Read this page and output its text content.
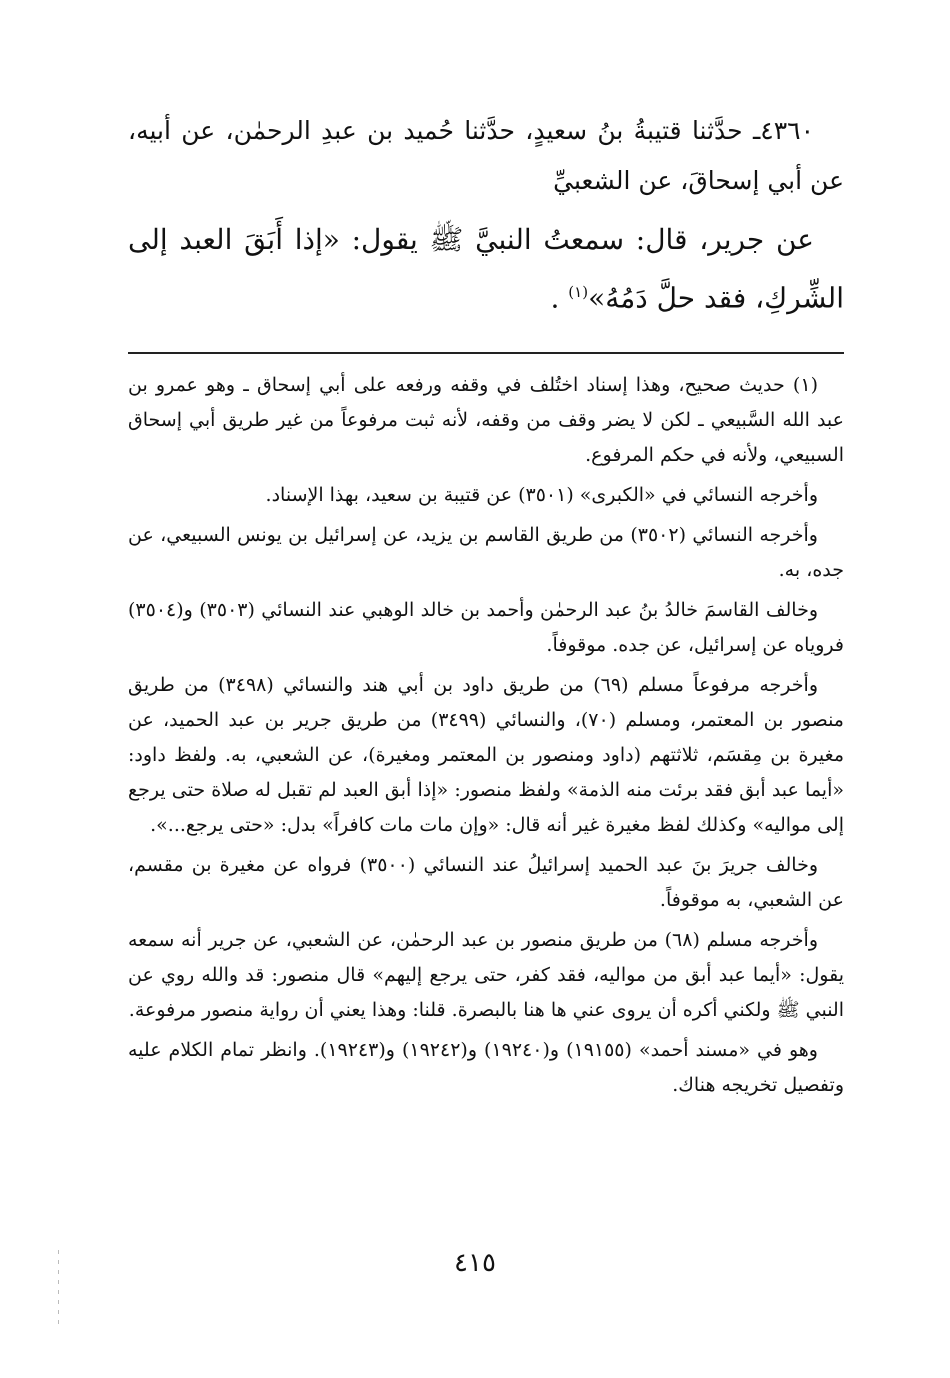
٤٣٦٠ـ حدَّثنا قتيبةُ بنُ سعيدٍ، حدَّثنا حُميد بن عبدِ الرحمٰن، عن أبيه، عن أبي إسحاقَ، عن الشعبيِّ

عن جرير، قال: سمعتُ النبيَّ ﷺ يقول: «إذا أَبَقَ العبد إلى الشِّركِ، فقد حلَّ دَمُهُ»$^{(١)}$ .

(١) حديث صحيح، وهذا إسناد اختُلف في وقفه ورفعه على أبي إسحاق ـ وهو عمرو بن عبد الله السَّبيعي ـ لكن لا يضر وقف من وقفه، لأنه ثبت مرفوعاً من غير طريق أبي إسحاق السبيعي، ولأنه في حكم المرفوع.

وأخرجه النسائي في «الكبرى» (٣٥٠١) عن قتيبة بن سعيد، بهذا الإسناد.

وأخرجه النسائي (٣٥٠٢) من طريق القاسم بن يزيد، عن إسرائيل بن يونس السبيعي، عن جده، به.

وخالف القاسمَ خالدُ بنُ عبد الرحمٰن وأحمد بن خالد الوهبي عند النسائي (٣٥٠٣) و(٣٥٠٤) فروياه عن إسرائيل، عن جده. موقوفاً.

وأخرجه مرفوعاً مسلم (٦٩) من طريق داود بن أبي هند والنسائي (٣٤٩٨) من طريق منصور بن المعتمر، ومسلم (٧٠)، والنسائي (٣٤٩٩) من طريق جرير بن عبد الحميد، عن مغيرة بن مِقسَم، ثلاثتهم (داود ومنصور بن المعتمر ومغيرة)، عن الشعبي، به. ولفظ داود: «أيما عبد أبق فقد برئت منه الذمة» ولفظ منصور: «إذا أبق العبد لم تقبل له صلاة حتى يرجع إلى مواليه» وكذلك لفظ مغيرة غير أنه قال: «وإن مات مات كافراً» بدل: «حتى يرجع...».

وخالف جريرَ بنَ عبد الحميد إسرائيلُ عند النسائي (٣٥٠٠) فرواه عن مغيرة بن مقسم، عن الشعبي، به موقوفاً.

وأخرجه مسلم (٦٨) من طريق منصور بن عبد الرحمٰن، عن الشعبي، عن جرير أنه سمعه يقول: «أيما عبد أبق من مواليه، فقد كفر، حتى يرجع إليهم» قال منصور: قد والله روي عن النبي ﷺ ولكني أكره أن يروى عني ها هنا بالبصرة. قلنا: وهذا يعني أن رواية منصور مرفوعة.

وهو في «مسند أحمد» (١٩١٥٥) و(١٩٢٤٠) و(١٩٢٤٢) و(١٩٢٤٣). وانظر تمام الكلام عليه وتفصيل تخريجه هناك.

٤١٥
